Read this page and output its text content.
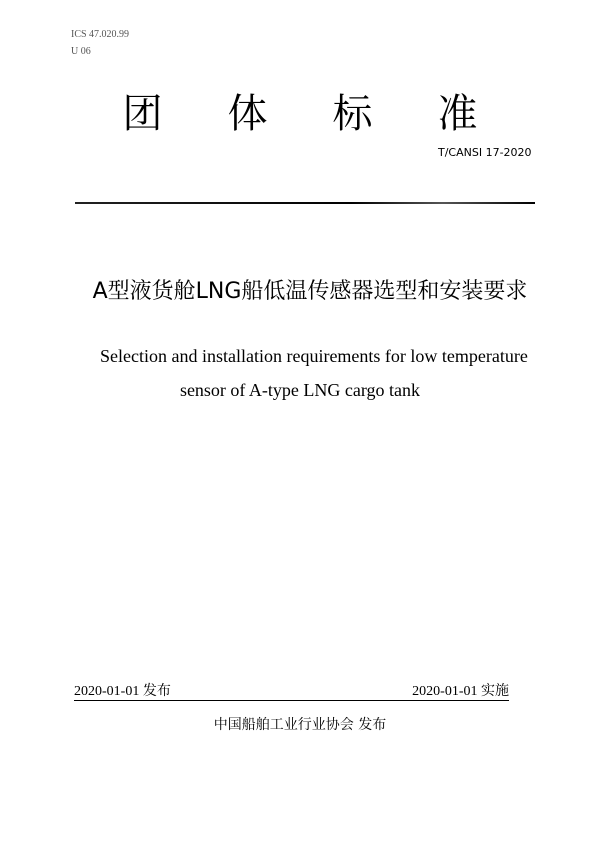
ICS 47.020.99
U 06
团	体	标	准
T/CANSI 17-2020
A型液货舱LNG船低温传感器选型和安装要求
Selection and installation requirements for low temperature
sensor of A-type LNG cargo tank
2020-01-01 发布	2020-01-01 实施
中国船舶工业行业协会 发布
